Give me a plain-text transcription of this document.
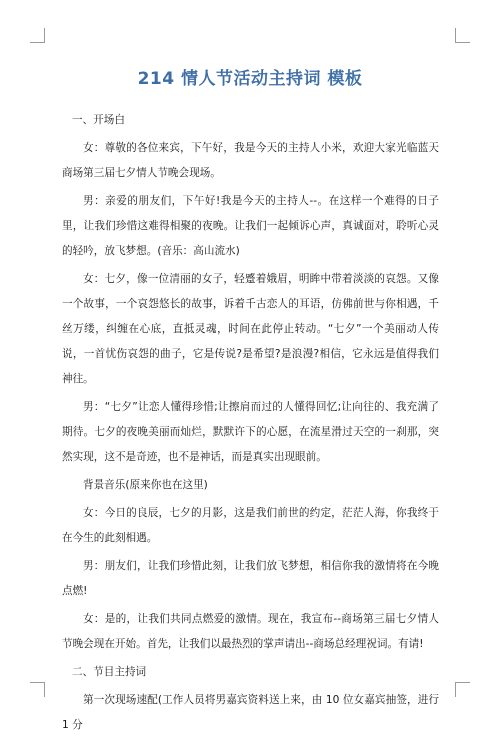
214 情人节活动主持词 模板
一、开场白
女：尊敬的各位来宾，下午好，我是今天的主持人小米，欢迎大家光临蓝天商场第三届七夕情人节晚会现场。
男：亲爱的朋友们，下午好!我是今天的主持人--。在这样一个难得的日子里，让我们珍惜这难得相聚的夜晚。让我们一起倾诉心声，真诚面对，聆听心灵的轻吟，放飞梦想。(音乐：高山流水)
女：七夕，像一位清丽的女子，轻蹙着娥眉，明眸中带着淡淡的哀怨。又像一个故事，一个哀怨悠长的故事，诉着千古恋人的耳语，仿佛前世与你相遇，千丝万缕，纠缠在心底，直抵灵魂，时间在此停止转动。“七夕”一个美丽动人传说，一首忧伤哀怨的曲子，它是传说?是希望?是浪漫?相信，它永远是值得我们神往。
男：“七夕”让恋人懂得珍惜;让擦肩而过的人懂得回忆;让向往的、我充满了期待。七夕的夜晚美丽而灿烂，默默许下的心愿，在流星滑过天空的一刹那，突然实现，这不是奇迹，也不是神话，而是真实出现眼前。
背景音乐(原来你也在这里)
女：今日的良辰，七夕的月影，这是我们前世的约定，茫茫人海，你我终于在今生的此刻相遇。
男：朋友们，让我们珍惜此刻，让我们放飞梦想，相信你我的激情将在今晚点燃!
女：是的，让我们共同点燃爱的激情。现在，我宣布--商场第三届七夕情人节晚会现在开始。首先，让我们以最热烈的掌声请出--商场总经理祝词。有请!
二、节目主持词
第一次现场速配(工作人员将男嘉宾资料送上来，由 10 位女嘉宾抽签，进行 1 分
